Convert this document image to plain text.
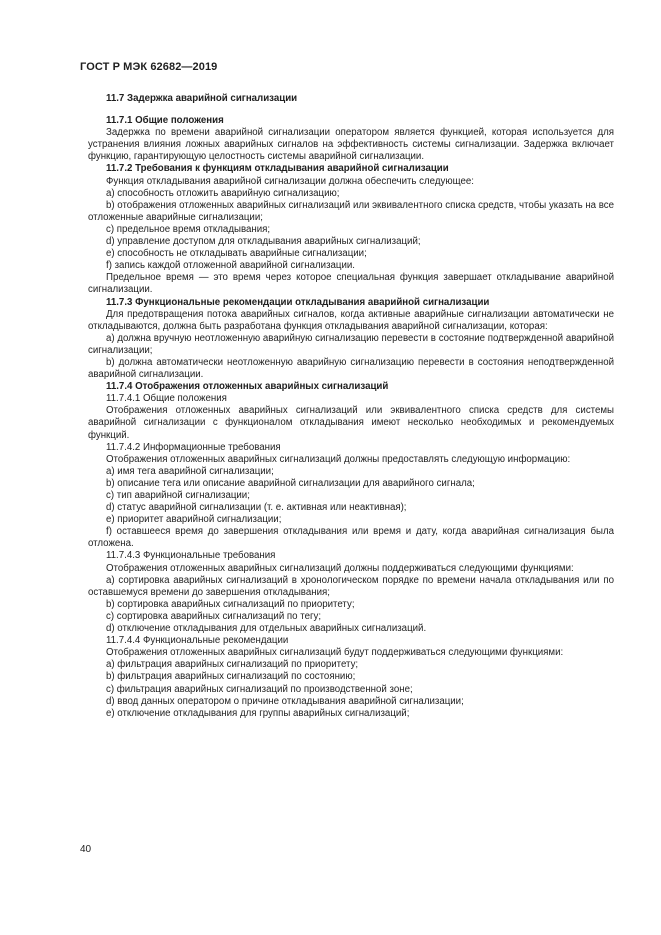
ГОСТ Р МЭК 62682—2019

11.7 Задержка аварийной сигнализации

11.7.1 Общие положения

Задержка по времени аварийной сигнализации оператором является функцией, которая используется для устранения влияния ложных аварийных сигналов на эффективность системы сигнализации. Задержка включает функцию, гарантирующую целостность системы аварийной сигнализации.

11.7.2 Требования к функциям откладывания аварийной сигнализации

Функция откладывания аварийной сигнализации должна обеспечить следующее:

а) способность отложить аварийную сигнализацию;

b) отображения отложенных аварийных сигнализаций или эквивалентного списка средств, чтобы указать на все отложенные аварийные сигнализации;

с) предельное время откладывания;

d) управление доступом для откладывания аварийных сигнализаций;

e) способность не откладывать аварийные сигнализации;

f) запись каждой отложенной аварийной сигнализации.

Предельное время — это время через которое специальная функция завершает откладывание аварийной сигнализации.

11.7.3 Функциональные рекомендации откладывания аварийной сигнализации

Для предотвращения потока аварийных сигналов, когда активные аварийные сигнализации автоматически не откладываются, должна быть разработана функция откладывания аварийной сигнализации, которая:

а) должна вручную неотложенную аварийную сигнализацию перевести в состояние подтвержденной аварийной сигнализации;

b) должна автоматически неотложенную аварийную сигнализацию перевести в состояния неподтвержденной аварийной сигнализации.

11.7.4 Отображения отложенных аварийных сигнализаций

11.7.4.1 Общие положения

Отображения отложенных аварийных сигнализаций или эквивалентного списка средств для системы аварийной сигнализации с функционалом откладывания имеют несколько необходимых и рекомендуемых функций.

11.7.4.2 Информационные требования

Отображения отложенных аварийных сигнализаций должны предоставлять следующую информацию:

а) имя тега аварийной сигнализации;

b) описание тега или описание аварийной сигнализации для аварийного сигнала;

с) тип аварийной сигнализации;

d) статус аварийной сигнализации (т. е. активная или неактивная);

e) приоритет аварийной сигнализации;

f) оставшееся время до завершения откладывания или время и дату, когда аварийная сигнализация была отложена.

11.7.4.3 Функциональные требования

Отображения отложенных аварийных сигнализаций должны поддерживаться следующими функциями:

а) сортировка аварийных сигнализаций в хронологическом порядке по времени начала откладывания или по оставшемуся времени до завершения откладывания;

b) сортировка аварийных сигнализаций по приоритету;

с) сортировка аварийных сигнализаций по тегу;

d) отключение откладывания для отдельных аварийных сигнализаций.

11.7.4.4 Функциональные рекомендации

Отображения отложенных аварийных сигнализаций будут поддерживаться следующими функциями:

а) фильтрация аварийных сигнализаций по приоритету;

b) фильтрация аварийных сигнализаций по состоянию;

с) фильтрация аварийных сигнализаций по производственной зоне;

d) ввод данных оператором о причине откладывания аварийной сигнализации;

e) отключение откладывания для группы аварийных сигнализаций;

40
